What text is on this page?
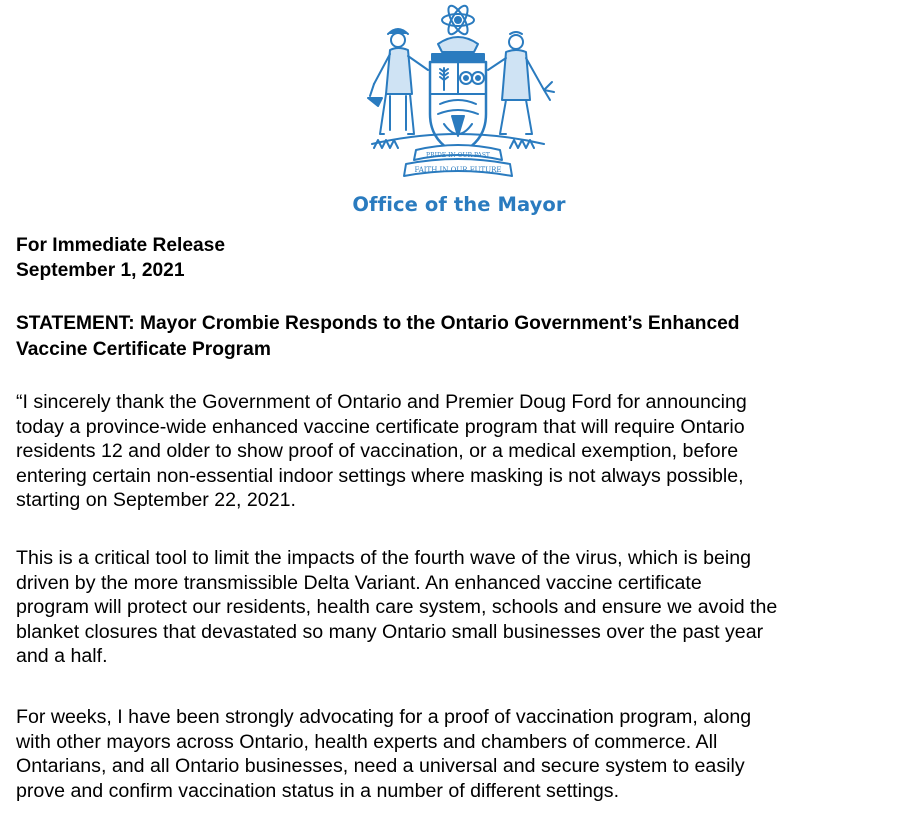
PRIDE IN OUR PAST
FAITH IN OUR FUTURE
Office of the Mayor
For Immediate Release
September 1, 2021
STATEMENT: Mayor Crombie Responds to the Ontario Government’s Enhanced
Vaccine Certificate Program
“I sincerely thank the Government of Ontario and Premier Doug Ford for announcing
today a province-wide enhanced vaccine certificate program that will require Ontario
residents 12 and older to show proof of vaccination, or a medical exemption, before
entering certain non-essential indoor settings where masking is not always possible,
starting on September 22, 2021.
This is a critical tool to limit the impacts of the fourth wave of the virus, which is being
driven by the more transmissible Delta Variant. An enhanced vaccine certificate
program will protect our residents, health care system, schools and ensure we avoid the
blanket closures that devastated so many Ontario small businesses over the past year
and a half.
For weeks, I have been strongly advocating for a proof of vaccination program, along
with other mayors across Ontario, health experts and chambers of commerce. All
Ontarians, and all Ontario businesses, need a universal and secure system to easily
prove and confirm vaccination status in a number of different settings.
